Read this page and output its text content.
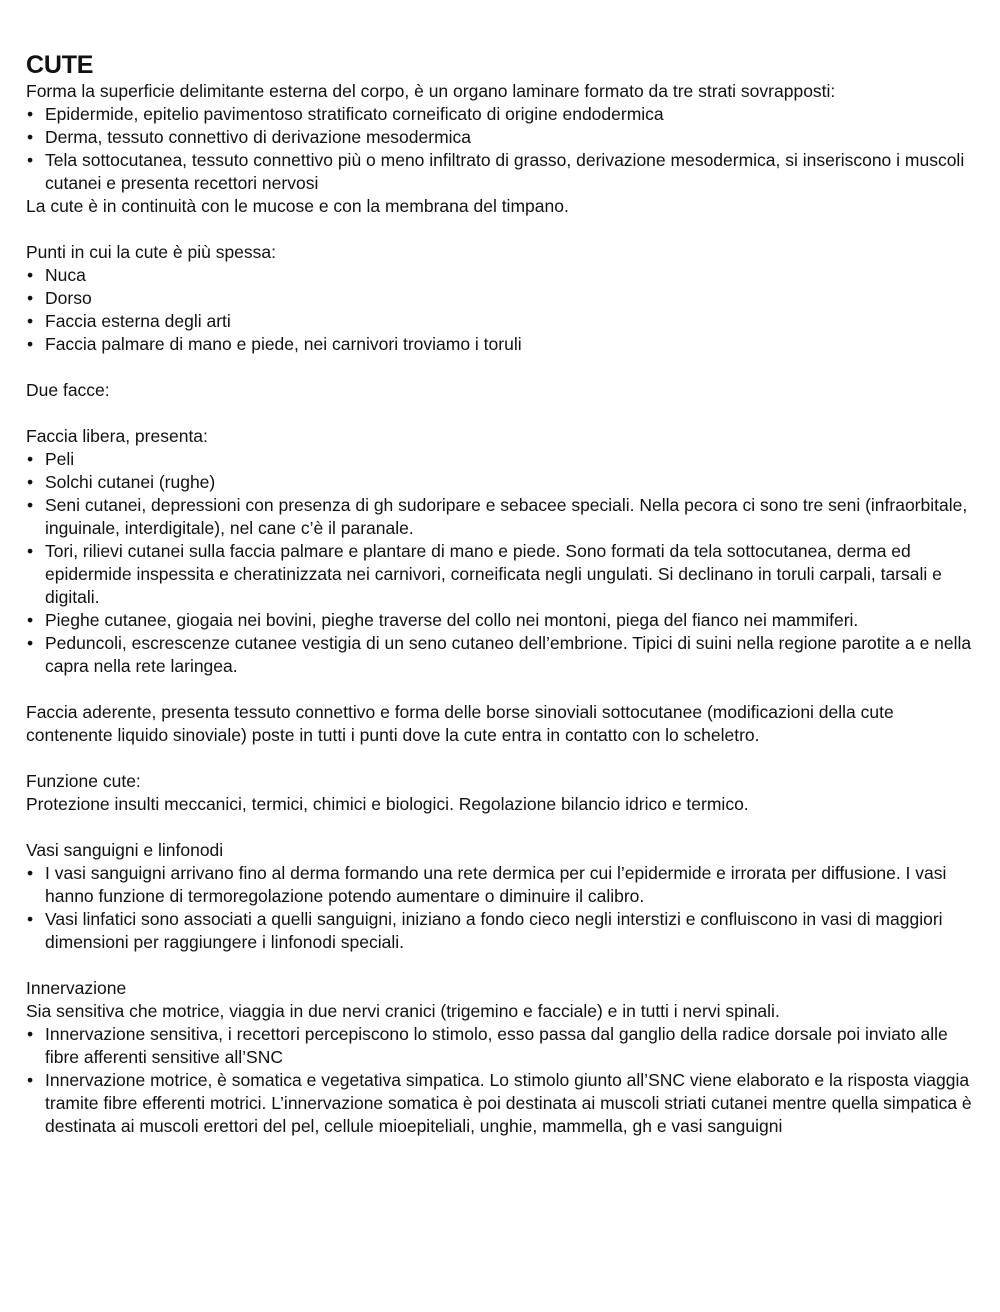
CUTE

Forma la superficie delimitante esterna del corpo, è un organo laminare formato da tre strati sovrapposti:

• Epidermide, epitelio pavimentoso stratificato corneificato di origine endodermica
• Derma, tessuto connettivo di derivazione mesodermica
• Tela sottocutanea, tessuto connettivo più o meno infiltrato di grasso, derivazione mesodermica, si inseriscono i muscoli cutanei e presenta recettori nervosi

La cute è in continuità con le mucose e con la membrana del timpano.

Punti in cui la cute è più spessa:

• Nuca
• Dorso
• Faccia esterna degli arti
• Faccia palmare di mano e piede, nei carnivori troviamo i toruli

Due facce:

Faccia libera, presenta:

• Peli
• Solchi cutanei (rughe)
• Seni cutanei, depressioni con presenza di gh sudoripare e sebacee speciali. Nella pecora ci sono tre seni (infraorbitale, inguinale, interdigitale), nel cane c’è il paranale.
• Tori, rilievi cutanei sulla faccia palmare e plantare di mano e piede. Sono formati da tela sottocutanea, derma ed epidermide inspessita e cheratinizzata nei carnivori, corneificata negli ungulati. Si declinano in toruli carpali, tarsali e digitali.
• Pieghe cutanee, giogaia nei bovini, pieghe traverse del collo nei montoni, piega del fianco nei mammiferi.
• Peduncoli, escrescenze cutanee vestigia di un seno cutaneo dell’embrione. Tipici di suini nella regione parotite a e nella capra nella rete laringea.

Faccia aderente, presenta tessuto connettivo e forma delle borse sinoviali sottocutanee (modificazioni della cute contenente liquido sinoviale) poste in tutti i punti dove la cute entra in contatto con lo scheletro.

Funzione cute:

Protezione insulti meccanici, termici, chimici e biologici. Regolazione bilancio idrico e termico.

Vasi sanguigni e linfonodi

• I vasi sanguigni arrivano fino al derma formando una rete dermica per cui l’epidermide e irrorata per diffusione. I vasi hanno funzione di termoregolazione potendo aumentare o diminuire il calibro.
• Vasi linfatici sono associati a quelli sanguigni, iniziano a fondo cieco negli interstizi e confluiscono in vasi di maggiori dimensioni per raggiungere i linfonodi speciali.

Innervazione

Sia sensitiva che motrice, viaggia in due nervi cranici (trigemino e facciale) e in tutti i nervi spinali.

• Innervazione sensitiva, i recettori percepiscono lo stimolo, esso passa dal ganglio della radice dorsale poi inviato alle fibre afferenti sensitive all’SNC
• Innervazione motrice, è somatica e vegetativa simpatica. Lo stimolo giunto all’SNC viene elaborato e la risposta viaggia tramite fibre efferenti motrici. L’innervazione somatica è poi destinata ai muscoli striati cutanei mentre quella simpatica è destinata ai muscoli erettori del pel, cellule mioepiteliali, unghie, mammella, gh e vasi sanguigni
